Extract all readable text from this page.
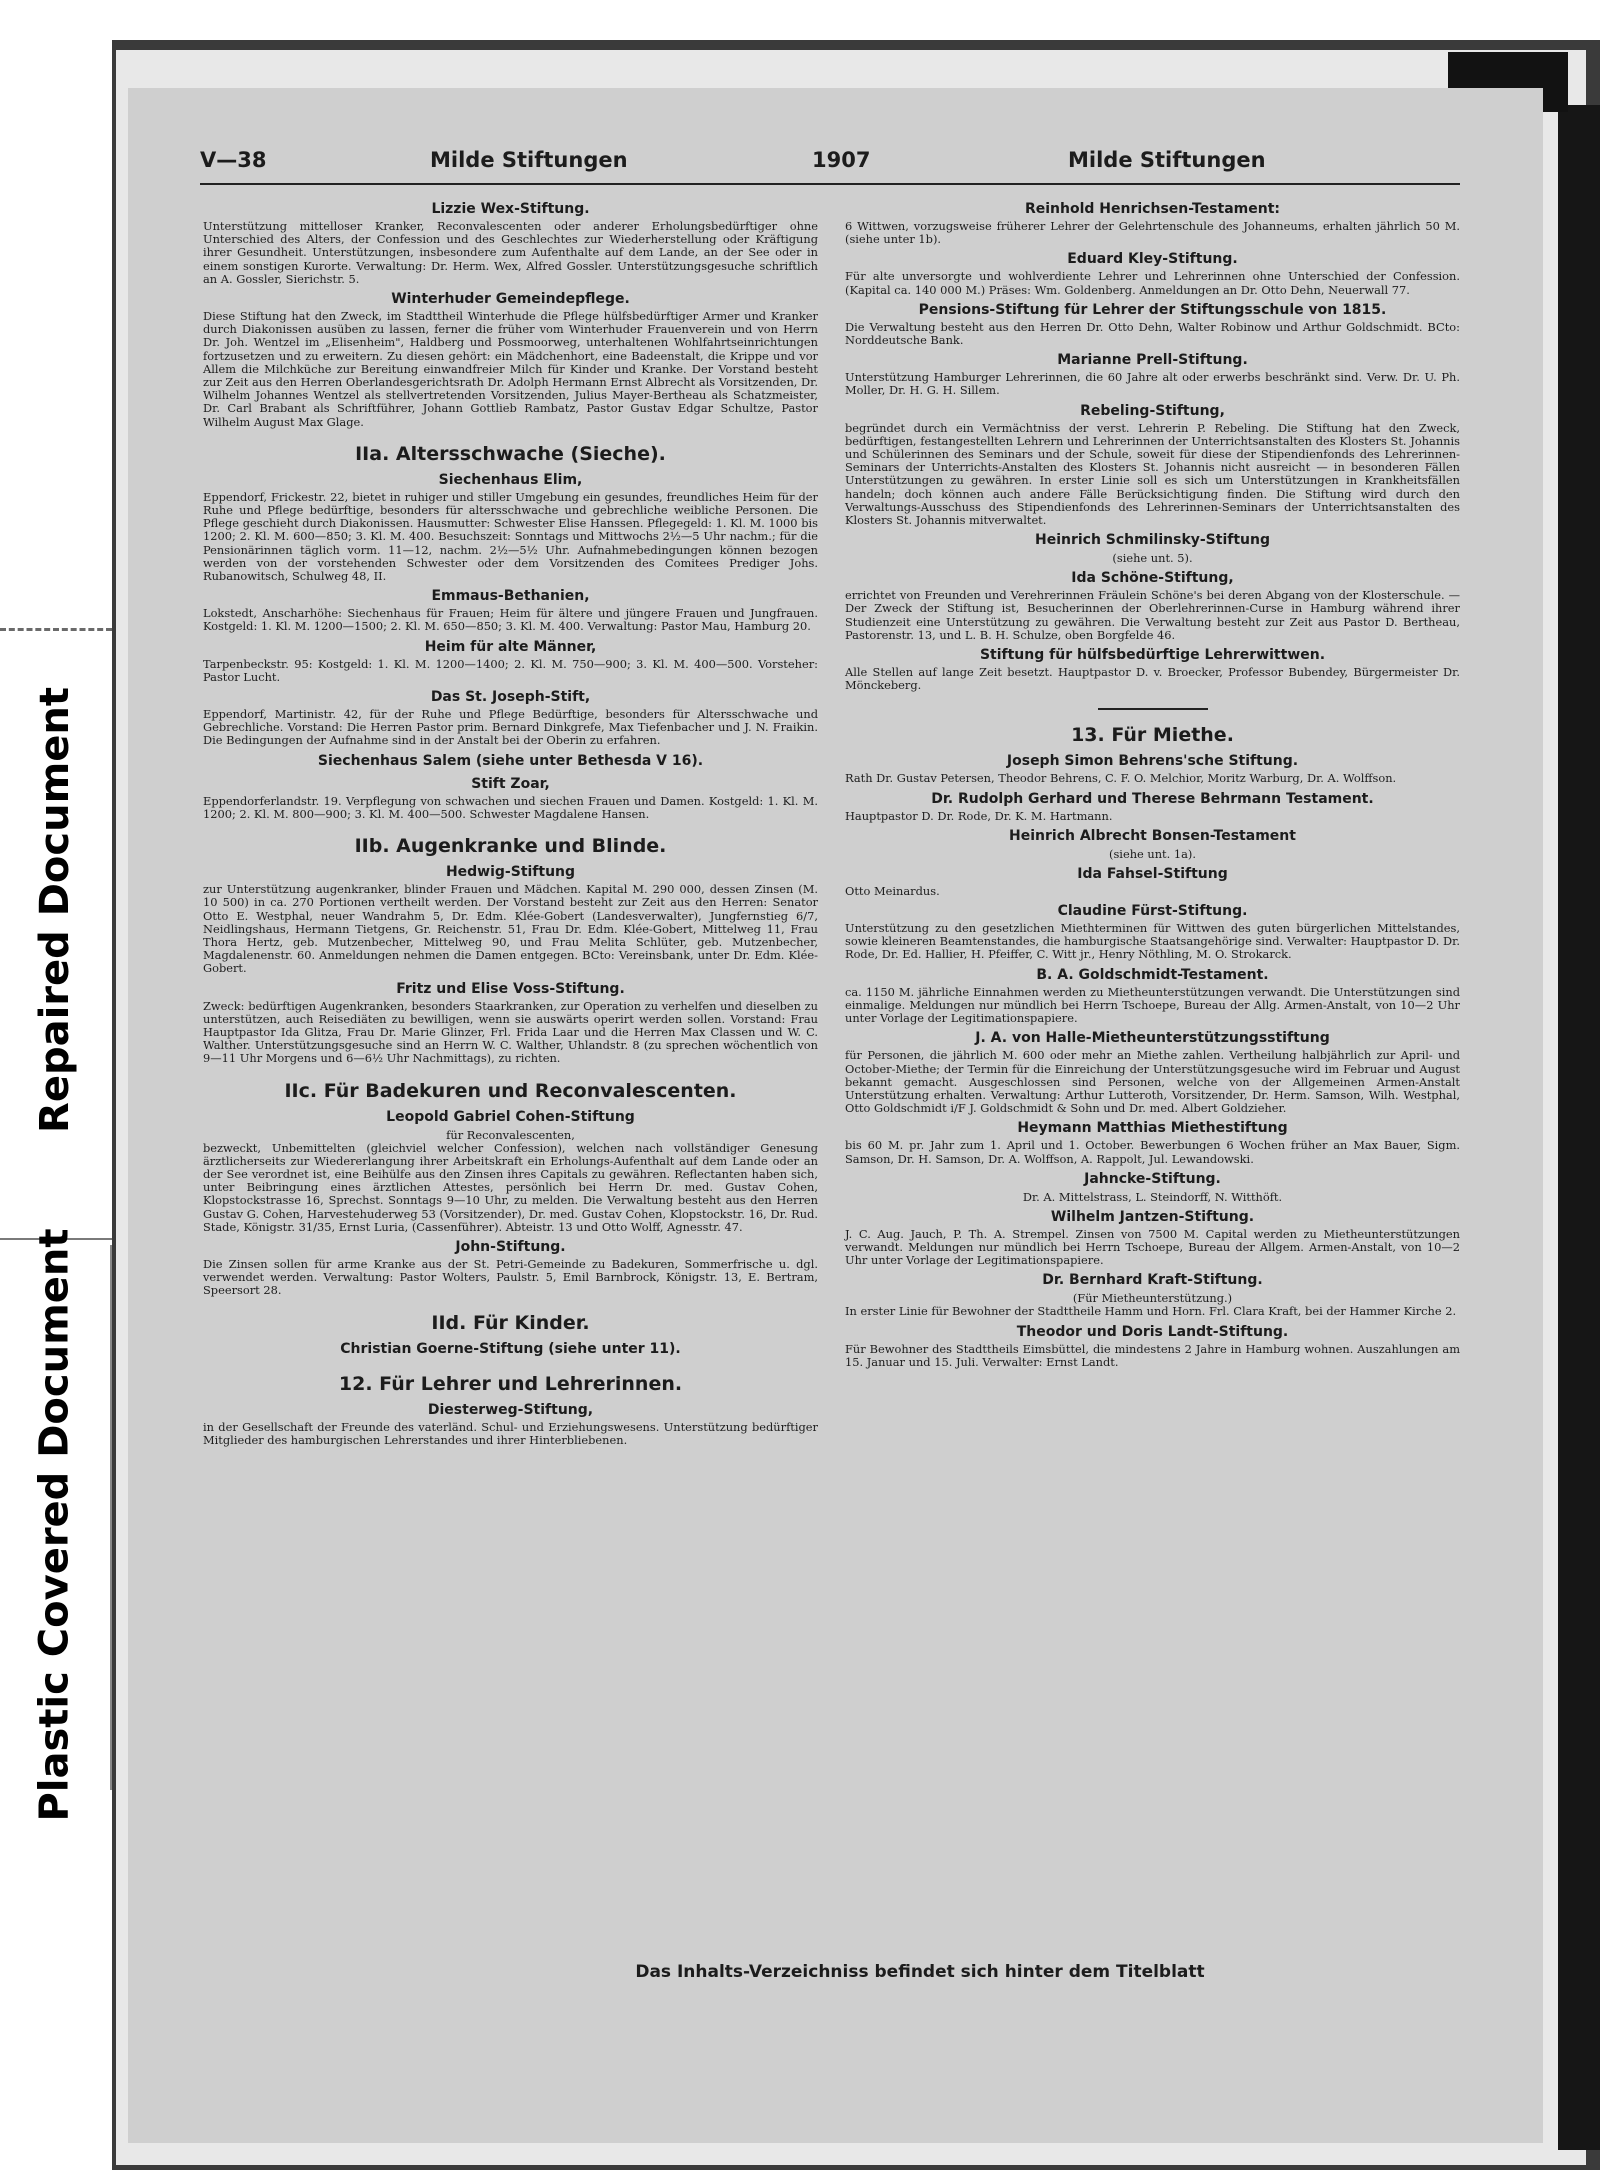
Repaired Document
Plastic Covered Document
V—38	Milde Stiftungen	1907	Milde Stiftungen
Lizzie Wex-Stiftung.
Unterstützung mittelloser Kranker, Reconvalescenten oder anderer Erholungsbedürftiger ohne Unterschied des Alters, der Confession und des Geschlechtes zur Wiederherstellung oder Kräftigung ihrer Gesundheit. Unterstützungen, insbesondere zum Aufenthalte auf dem Lande, an der See oder in einem sonstigen Kurorte. Verwaltung: Dr. Herm. Wex, Alfred Gossler. Unterstützungsgesuche schriftlich an A. Gossler, Sierichstr. 5.
Winterhuder Gemeindepflege.
Diese Stiftung hat den Zweck, im Stadttheil Winterhude die Pflege hülfsbedürftiger Armer und Kranker durch Diakonissen ausüben zu lassen, ferner die früher vom Winterhuder Frauenverein und von Herrn Dr. Joh. Wentzel im „Elisenheim", Haldberg und Possmoorweg, unterhaltenen Wohlfahrtseinrichtungen fortzusetzen und zu erweitern. Zu diesen gehört: ein Mädchenhort, eine Badeenstalt, die Krippe und vor Allem die Milchküche zur Bereitung einwandfreier Milch für Kinder und Kranke. Der Vorstand besteht zur Zeit aus den Herren Oberlandesgerichtsrath Dr. Adolph Hermann Ernst Albrecht als Vorsitzenden, Dr. Wilhelm Johannes Wentzel als stellvertretenden Vorsitzenden, Julius Mayer-Bertheau als Schatzmeister, Dr. Carl Brabant als Schriftführer, Johann Gottlieb Rambatz, Pastor Gustav Edgar Schultze, Pastor Wilhelm August Max Glage.
IIa. Altersschwache (Sieche).
Siechenhaus Elim,
Eppendorf, Frickestr. 22, bietet in ruhiger und stiller Umgebung ein gesundes, freundliches Heim für der Ruhe und Pflege bedürftige, besonders für altersschwache und gebrechliche weibliche Personen. Die Pflege geschieht durch Diakonissen. Hausmutter: Schwester Elise Hanssen. Pflegegeld: 1. Kl. M. 1000 bis 1200; 2. Kl. M. 600—850; 3. Kl. M. 400. Besuchszeit: Sonntags und Mittwochs 2½—5 Uhr nachm.; für die Pensionärinnen täglich vorm. 11—12, nachm. 2½—5½ Uhr. Aufnahmebedingungen können bezogen werden von der vorstehenden Schwester oder dem Vorsitzenden des Comitees Prediger Johs. Rubanowitsch, Schulweg 48, II.
Emmaus-Bethanien,
Lokstedt, Anscharhöhe: Siechenhaus für Frauen; Heim für ältere und jüngere Frauen und Jungfrauen. Kostgeld: 1. Kl. M. 1200—1500; 2. Kl. M. 650—850; 3. Kl. M. 400. Verwaltung: Pastor Mau, Hamburg 20.
Heim für alte Männer,
Tarpenbeckstr. 95: Kostgeld: 1. Kl. M. 1200—1400; 2. Kl. M. 750—900; 3. Kl. M. 400—500. Vorsteher: Pastor Lucht.
Das St. Joseph-Stift,
Eppendorf, Martinistr. 42, für der Ruhe und Pflege Bedürftige, besonders für Altersschwache und Gebrechliche. Vorstand: Die Herren Pastor prim. Bernard Dinkgrefe, Max Tiefenbacher und J. N. Fraikin. Die Bedingungen der Aufnahme sind in der Anstalt bei der Oberin zu erfahren.
Siechenhaus Salem (siehe unter Bethesda V 16).
Stift Zoar,
Eppendorferlandstr. 19. Verpflegung von schwachen und siechen Frauen und Damen. Kostgeld: 1. Kl. M. 1200; 2. Kl. M. 800—900; 3. Kl. M. 400—500. Schwester Magdalene Hansen.
IIb. Augenkranke und Blinde.
Hedwig-Stiftung
zur Unterstützung augenkranker, blinder Frauen und Mädchen. Kapital M. 290 000, dessen Zinsen (M. 10 500) in ca. 270 Portionen vertheilt werden. Der Vorstand besteht zur Zeit aus den Herren: Senator Otto E. Westphal, neuer Wandrahm 5, Dr. Edm. Klée-Gobert (Landesverwalter), Jungfernstieg 6/7, Neidlingshaus, Hermann Tietgens, Gr. Reichenstr. 51, Frau Dr. Edm. Klée-Gobert, Mittelweg 11, Frau Thora Hertz, geb. Mutzenbecher, Mittelweg 90, und Frau Melita Schlüter, geb. Mutzenbecher, Magdalenenstr. 60. Anmeldungen nehmen die Damen entgegen. BCto: Vereinsbank, unter Dr. Edm. Klée-Gobert.
Fritz und Elise Voss-Stiftung.
Zweck: bedürftigen Augenkranken, besonders Staarkranken, zur Operation zu verhelfen und dieselben zu unterstützen, auch Reisediäten zu bewilligen, wenn sie auswärts operirt werden sollen. Vorstand: Frau Hauptpastor Ida Glitza, Frau Dr. Marie Glinzer, Frl. Frida Laar und die Herren Max Classen und W. C. Walther. Unterstützungsgesuche sind an Herrn W. C. Walther, Uhlandstr. 8 (zu sprechen wöchentlich von 9—11 Uhr Morgens und 6—6½ Uhr Nachmittags), zu richten.
IIc. Für Badekuren und Reconvalescenten.
Leopold Gabriel Cohen-Stiftung
für Reconvalescenten,
bezweckt, Unbemittelten (gleichviel welcher Confession), welchen nach vollständiger Genesung ärztlicherseits zur Wiedererlangung ihrer Arbeitskraft ein Erholungs-Aufenthalt auf dem Lande oder an der See verordnet ist, eine Beihülfe aus den Zinsen ihres Capitals zu gewähren. Reflectanten haben sich, unter Beibringung eines ärztlichen Attestes, persönlich bei Herrn Dr. med. Gustav Cohen, Klopstockstrasse 16, Sprechst. Sonntags 9—10 Uhr, zu melden. Die Verwaltung besteht aus den Herren Gustav G. Cohen, Harvestehuderweg 53 (Vorsitzender), Dr. med. Gustav Cohen, Klopstockstr. 16, Dr. Rud. Stade, Königstr. 31/35, Ernst Luria, (Cassenführer). Abteistr. 13 und Otto Wolff, Agnesstr. 47.
John-Stiftung.
Die Zinsen sollen für arme Kranke aus der St. Petri-Gemeinde zu Badekuren, Sommerfrische u. dgl. verwendet werden. Verwaltung: Pastor Wolters, Paulstr. 5, Emil Barnbrock, Königstr. 13, E. Bertram, Speersort 28.
IId. Für Kinder.
Christian Goerne-Stiftung (siehe unter 11).
12. Für Lehrer und Lehrerinnen.
Diesterweg-Stiftung,
in der Gesellschaft der Freunde des vaterländ. Schul- und Erziehungswesens. Unterstützung bedürftiger Mitglieder des hamburgischen Lehrerstandes und ihrer Hinterbliebenen.
Reinhold Henrichsen-Testament:
6 Wittwen, vorzugsweise früherer Lehrer der Gelehrtenschule des Johanneums, erhalten jährlich 50 M. (siehe unter 1b).
Eduard Kley-Stiftung.
Für alte unversorgte und wohlverdiente Lehrer und Lehrerinnen ohne Unterschied der Confession. (Kapital ca. 140 000 M.) Präses: Wm. Goldenberg. Anmeldungen an Dr. Otto Dehn, Neuerwall 77.
Pensions-Stiftung für Lehrer der Stiftungsschule von 1815.
Die Verwaltung besteht aus den Herren Dr. Otto Dehn, Walter Robinow und Arthur Goldschmidt. BCto: Norddeutsche Bank.
Marianne Prell-Stiftung.
Unterstützung Hamburger Lehrerinnen, die 60 Jahre alt oder erwerbs beschränkt sind. Verw. Dr. U. Ph. Moller, Dr. H. G. H. Sillem.
Rebeling-Stiftung,
begründet durch ein Vermächtniss der verst. Lehrerin P. Rebeling. Die Stiftung hat den Zweck, bedürftigen, festangestellten Lehrern und Lehrerinnen der Unterrichtsanstalten des Klosters St. Johannis und Schülerinnen des Seminars und der Schule, soweit für diese der Stipendienfonds des Lehrerinnen-Seminars der Unterrichts-Anstalten des Klosters St. Johannis nicht ausreicht — in besonderen Fällen Unterstützungen zu gewähren. In erster Linie soll es sich um Unterstützungen in Krankheitsfällen handeln; doch können auch andere Fälle Berücksichtigung finden. Die Stiftung wird durch den Verwaltungs-Ausschuss des Stipendienfonds des Lehrerinnen-Seminars der Unterrichtsanstalten des Klosters St. Johannis mitverwaltet.
Heinrich Schmilinsky-Stiftung
(siehe unt. 5).
Ida Schöne-Stiftung,
errichtet von Freunden und Verehrerinnen Fräulein Schöne's bei deren Abgang von der Klosterschule. — Der Zweck der Stiftung ist, Besucherinnen der Oberlehrerinnen-Curse in Hamburg während ihrer Studienzeit eine Unterstützung zu gewähren. Die Verwaltung besteht zur Zeit aus Pastor D. Bertheau, Pastorenstr. 13, und L. B. H. Schulze, oben Borgfelde 46.
Stiftung für hülfsbedürftige Lehrerwittwen.
Alle Stellen auf lange Zeit besetzt. Hauptpastor D. v. Broecker, Professor Bubendey, Bürgermeister Dr. Mönckeberg.
13. Für Miethe.
Joseph Simon Behrens'sche Stiftung.
Rath Dr. Gustav Petersen, Theodor Behrens, C. F. O. Melchior, Moritz Warburg, Dr. A. Wolffson.
Dr. Rudolph Gerhard und Therese Behrmann Testament.
Hauptpastor D. Dr. Rode, Dr. K. M. Hartmann.
Heinrich Albrecht Bonsen-Testament
(siehe unt. 1a).
Ida Fahsel-Stiftung
Otto Meinardus.
Claudine Fürst-Stiftung.
Unterstützung zu den gesetzlichen Miethterminen für Wittwen des guten bürgerlichen Mittelstandes, sowie kleineren Beamtenstandes, die hamburgische Staatsangehörige sind. Verwalter: Hauptpastor D. Dr. Rode, Dr. Ed. Hallier, H. Pfeiffer, C. Witt jr., Henry Nöthling, M. O. Strokarck.
B. A. Goldschmidt-Testament.
ca. 1150 M. jährliche Einnahmen werden zu Mietheunterstützungen verwandt. Die Unterstützungen sind einmalige. Meldungen nur mündlich bei Herrn Tschoepe, Bureau der Allg. Armen-Anstalt, von 10—2 Uhr unter Vorlage der Legitimationspapiere.
J. A. von Halle-Mietheunterstützungsstiftung
für Personen, die jährlich M. 600 oder mehr an Miethe zahlen. Vertheilung halbjährlich zur April- und October-Miethe; der Termin für die Einreichung der Unterstützungsgesuche wird im Februar und August bekannt gemacht. Ausgeschlossen sind Personen, welche von der Allgemeinen Armen-Anstalt Unterstützung erhalten. Verwaltung: Arthur Lutteroth, Vorsitzender, Dr. Herm. Samson, Wilh. Westphal, Otto Goldschmidt i/F J. Goldschmidt & Sohn und Dr. med. Albert Goldzieher.
Heymann Matthias Miethestiftung
bis 60 M. pr. Jahr zum 1. April und 1. October. Bewerbungen 6 Wochen früher an Max Bauer, Sigm. Samson, Dr. H. Samson, Dr. A. Wolffson, A. Rappolt, Jul. Lewandowski.
Jahncke-Stiftung.
Dr. A. Mittelstrass, L. Steindorff, N. Witthöft.
Wilhelm Jantzen-Stiftung.
J. C. Aug. Jauch, P. Th. A. Strempel. Zinsen von 7500 M. Capital werden zu Mietheunterstützungen verwandt. Meldungen nur mündlich bei Herrn Tschoepe, Bureau der Allgem. Armen-Anstalt, von 10—2 Uhr unter Vorlage der Legitimationspapiere.
Dr. Bernhard Kraft-Stiftung.
(Für Mietheunterstützung.)
In erster Linie für Bewohner der Stadttheile Hamm und Horn. Frl. Clara Kraft, bei der Hammer Kirche 2.
Theodor und Doris Landt-Stiftung.
Für Bewohner des Stadttheils Eimsbüttel, die mindestens 2 Jahre in Hamburg wohnen. Auszahlungen am 15. Januar und 15. Juli. Verwalter: Ernst Landt.
Das Inhalts-Verzeichniss befindet sich hinter dem Titelblatt
